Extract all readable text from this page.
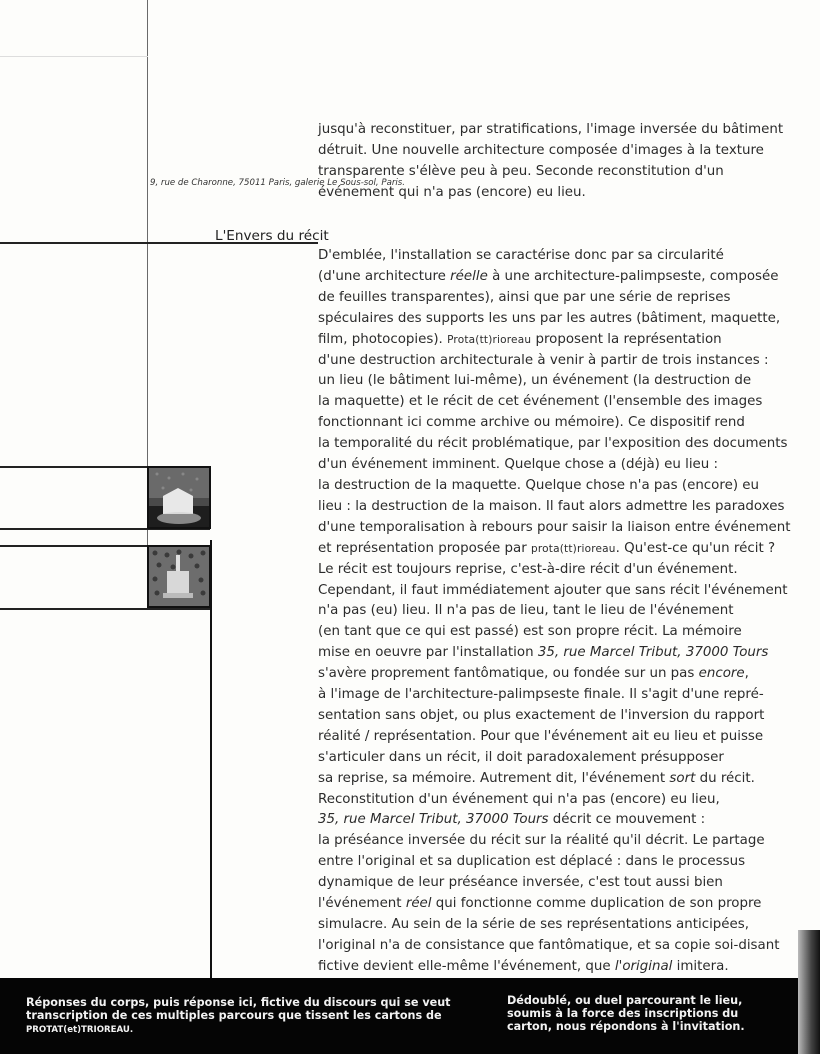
9, rue de Charonne, 75011 Paris, galerie Le Sous-sol, Paris.
jusqu'à reconstituer, par stratifications, l'image inversée du bâtiment
détruit. Une nouvelle architecture composée d'images à la texture
transparente s'élève peu à peu. Seconde reconstitution d'un
événement qui n'a pas (encore) eu lieu.
L'Envers du récit
D'emblée, l'installation se caractérise donc par sa circularité
(d'une architecture réelle à une architecture-palimpseste, composée
de feuilles transparentes), ainsi que par une série de reprises
spéculaires des supports les uns par les autres (bâtiment, maquette,
film, photocopies). Prota(tt)rioreau proposent la représentation
d'une destruction architecturale à venir à partir de trois instances :
un lieu (le bâtiment lui-même), un événement (la destruction de
la maquette) et le récit de cet événement (l'ensemble des images
fonctionnant ici comme archive ou mémoire). Ce dispositif rend
la temporalité du récit problématique, par l'exposition des documents
d'un événement imminent. Quelque chose a (déjà) eu lieu :
la destruction de la maquette. Quelque chose n'a pas (encore) eu
lieu : la destruction de la maison. Il faut alors admettre les paradoxes
d'une temporalisation à rebours pour saisir la liaison entre événement
et représentation proposée par prota(tt)rioreau. Qu'est-ce qu'un récit ?
Le récit est toujours reprise, c'est-à-dire récit d'un événement.
Cependant, il faut immédiatement ajouter que sans récit l'événement
n'a pas (eu) lieu. Il n'a pas de lieu, tant le lieu de l'événement
(en tant que ce qui est passé) est son propre récit. La mémoire
mise en oeuvre par l'installation 35, rue Marcel Tribut, 37000 Tours
s'avère proprement fantômatique, ou fondée sur un pas encore,
à l'image de l'architecture-palimpseste finale. Il s'agit d'une repré-
sentation sans objet, ou plus exactement de l'inversion du rapport
réalité / représentation. Pour que l'événement ait eu lieu et puisse
s'articuler dans un récit, il doit paradoxalement présupposer
sa reprise, sa mémoire. Autrement dit, l'événement sort du récit.
Reconstitution d'un événement qui n'a pas (encore) eu lieu,
35, rue Marcel Tribut, 37000 Tours décrit ce mouvement :
la préséance inversée du récit sur la réalité qu'il décrit. Le partage
entre l'original et sa duplication est déplacé : dans le processus
dynamique de leur préséance inversée, c'est tout aussi bien
l'événement réel qui fonctionne comme duplication de son propre
simulacre. Au sein de la série de ses représentations anticipées,
l'original n'a de consistance que fantômatique, et sa copie soi-disant
fictive devient elle-même l'événement, que l'original imitera.

Réponses du corps, puis réponse ici, fictive du discours qui se veut
transcription de ces multiples parcours que tissent les cartons de
PROTAT(et)TRIOREAU.

Dédoublé, ou duel parcourant le lieu,
soumis à la force des inscriptions du
carton, nous répondons à l'invitation.
